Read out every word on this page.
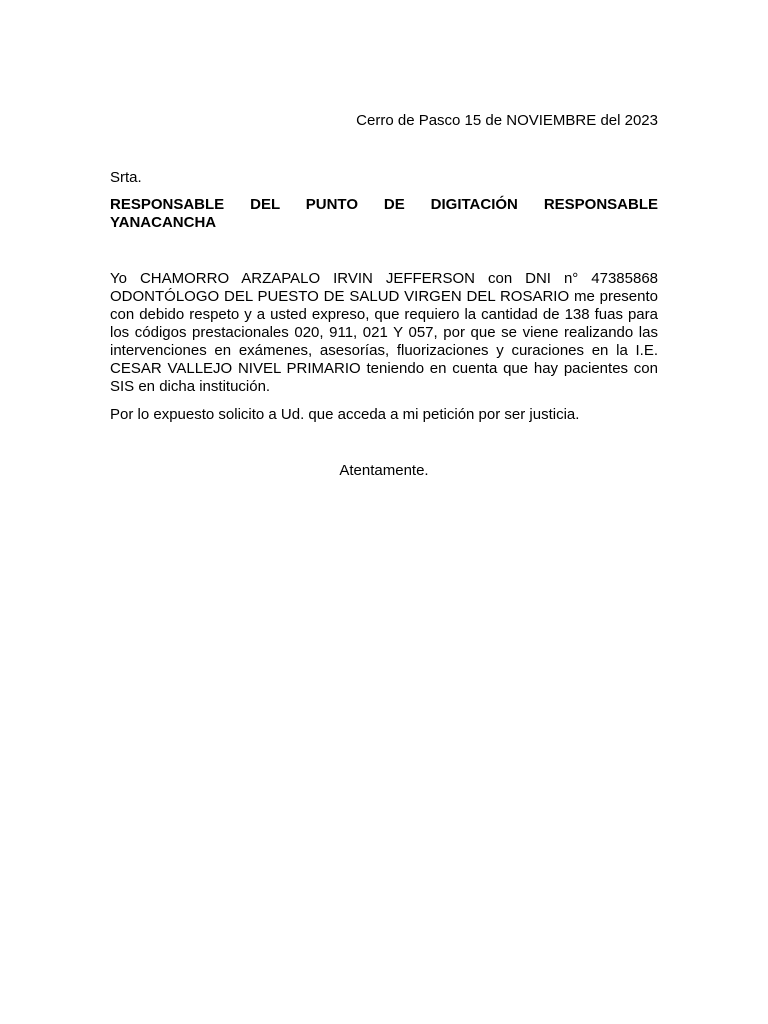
Cerro de Pasco 15 de NOVIEMBRE del 2023
Srta.
RESPONSABLE DEL PUNTO DE DIGITACIÓN RESPONSABLE YANACANCHA
Yo CHAMORRO ARZAPALO IRVIN JEFFERSON con DNI n° 47385868 ODONTÓLOGO DEL PUESTO DE SALUD VIRGEN DEL ROSARIO me presento con debido respeto y a usted expreso, que requiero la cantidad de 138 fuas para los códigos prestacionales 020, 911, 021 Y 057, por que se viene realizando las intervenciones en exámenes, asesorías, fluorizaciones y curaciones en la I.E. CESAR VALLEJO NIVEL PRIMARIO teniendo en cuenta que hay pacientes con SIS en dicha institución.
Por lo expuesto solicito a Ud. que acceda a mi petición por ser justicia.
Atentamente.
